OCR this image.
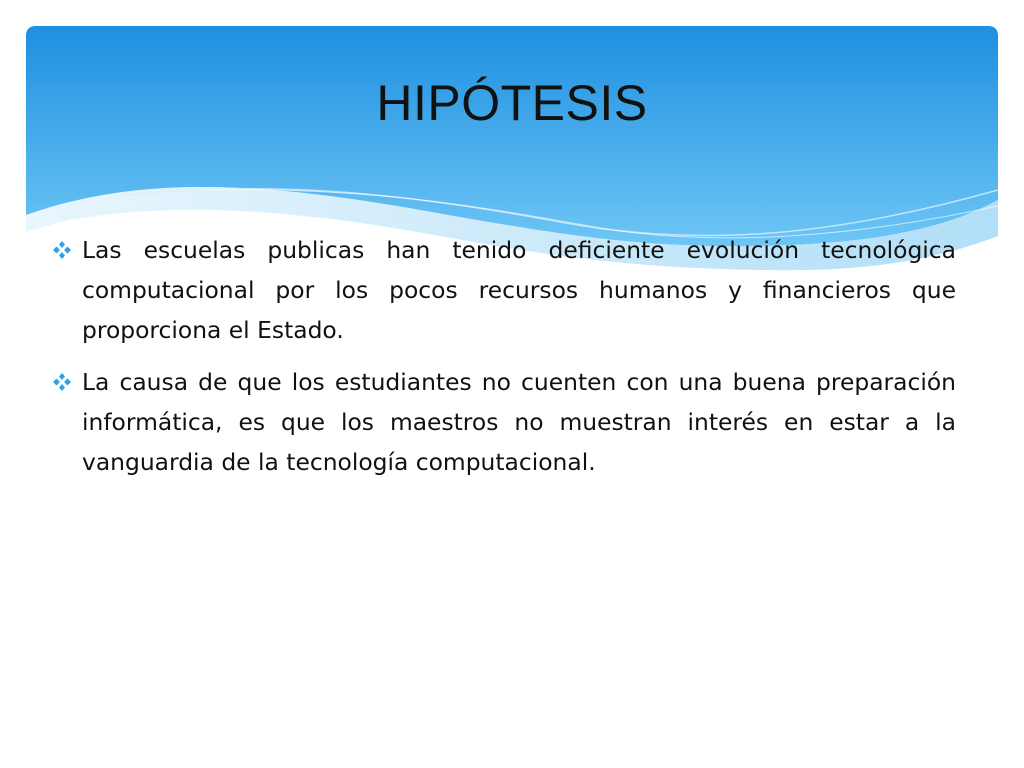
HIPÓTESIS
Las escuelas publicas han tenido deficiente evolución tecnológica computacional por los pocos recursos humanos y financieros que proporciona el Estado.
La causa de que los estudiantes no cuenten con una buena preparación informática, es que los maestros no muestran interés en estar a la vanguardia de la tecnología computacional.
